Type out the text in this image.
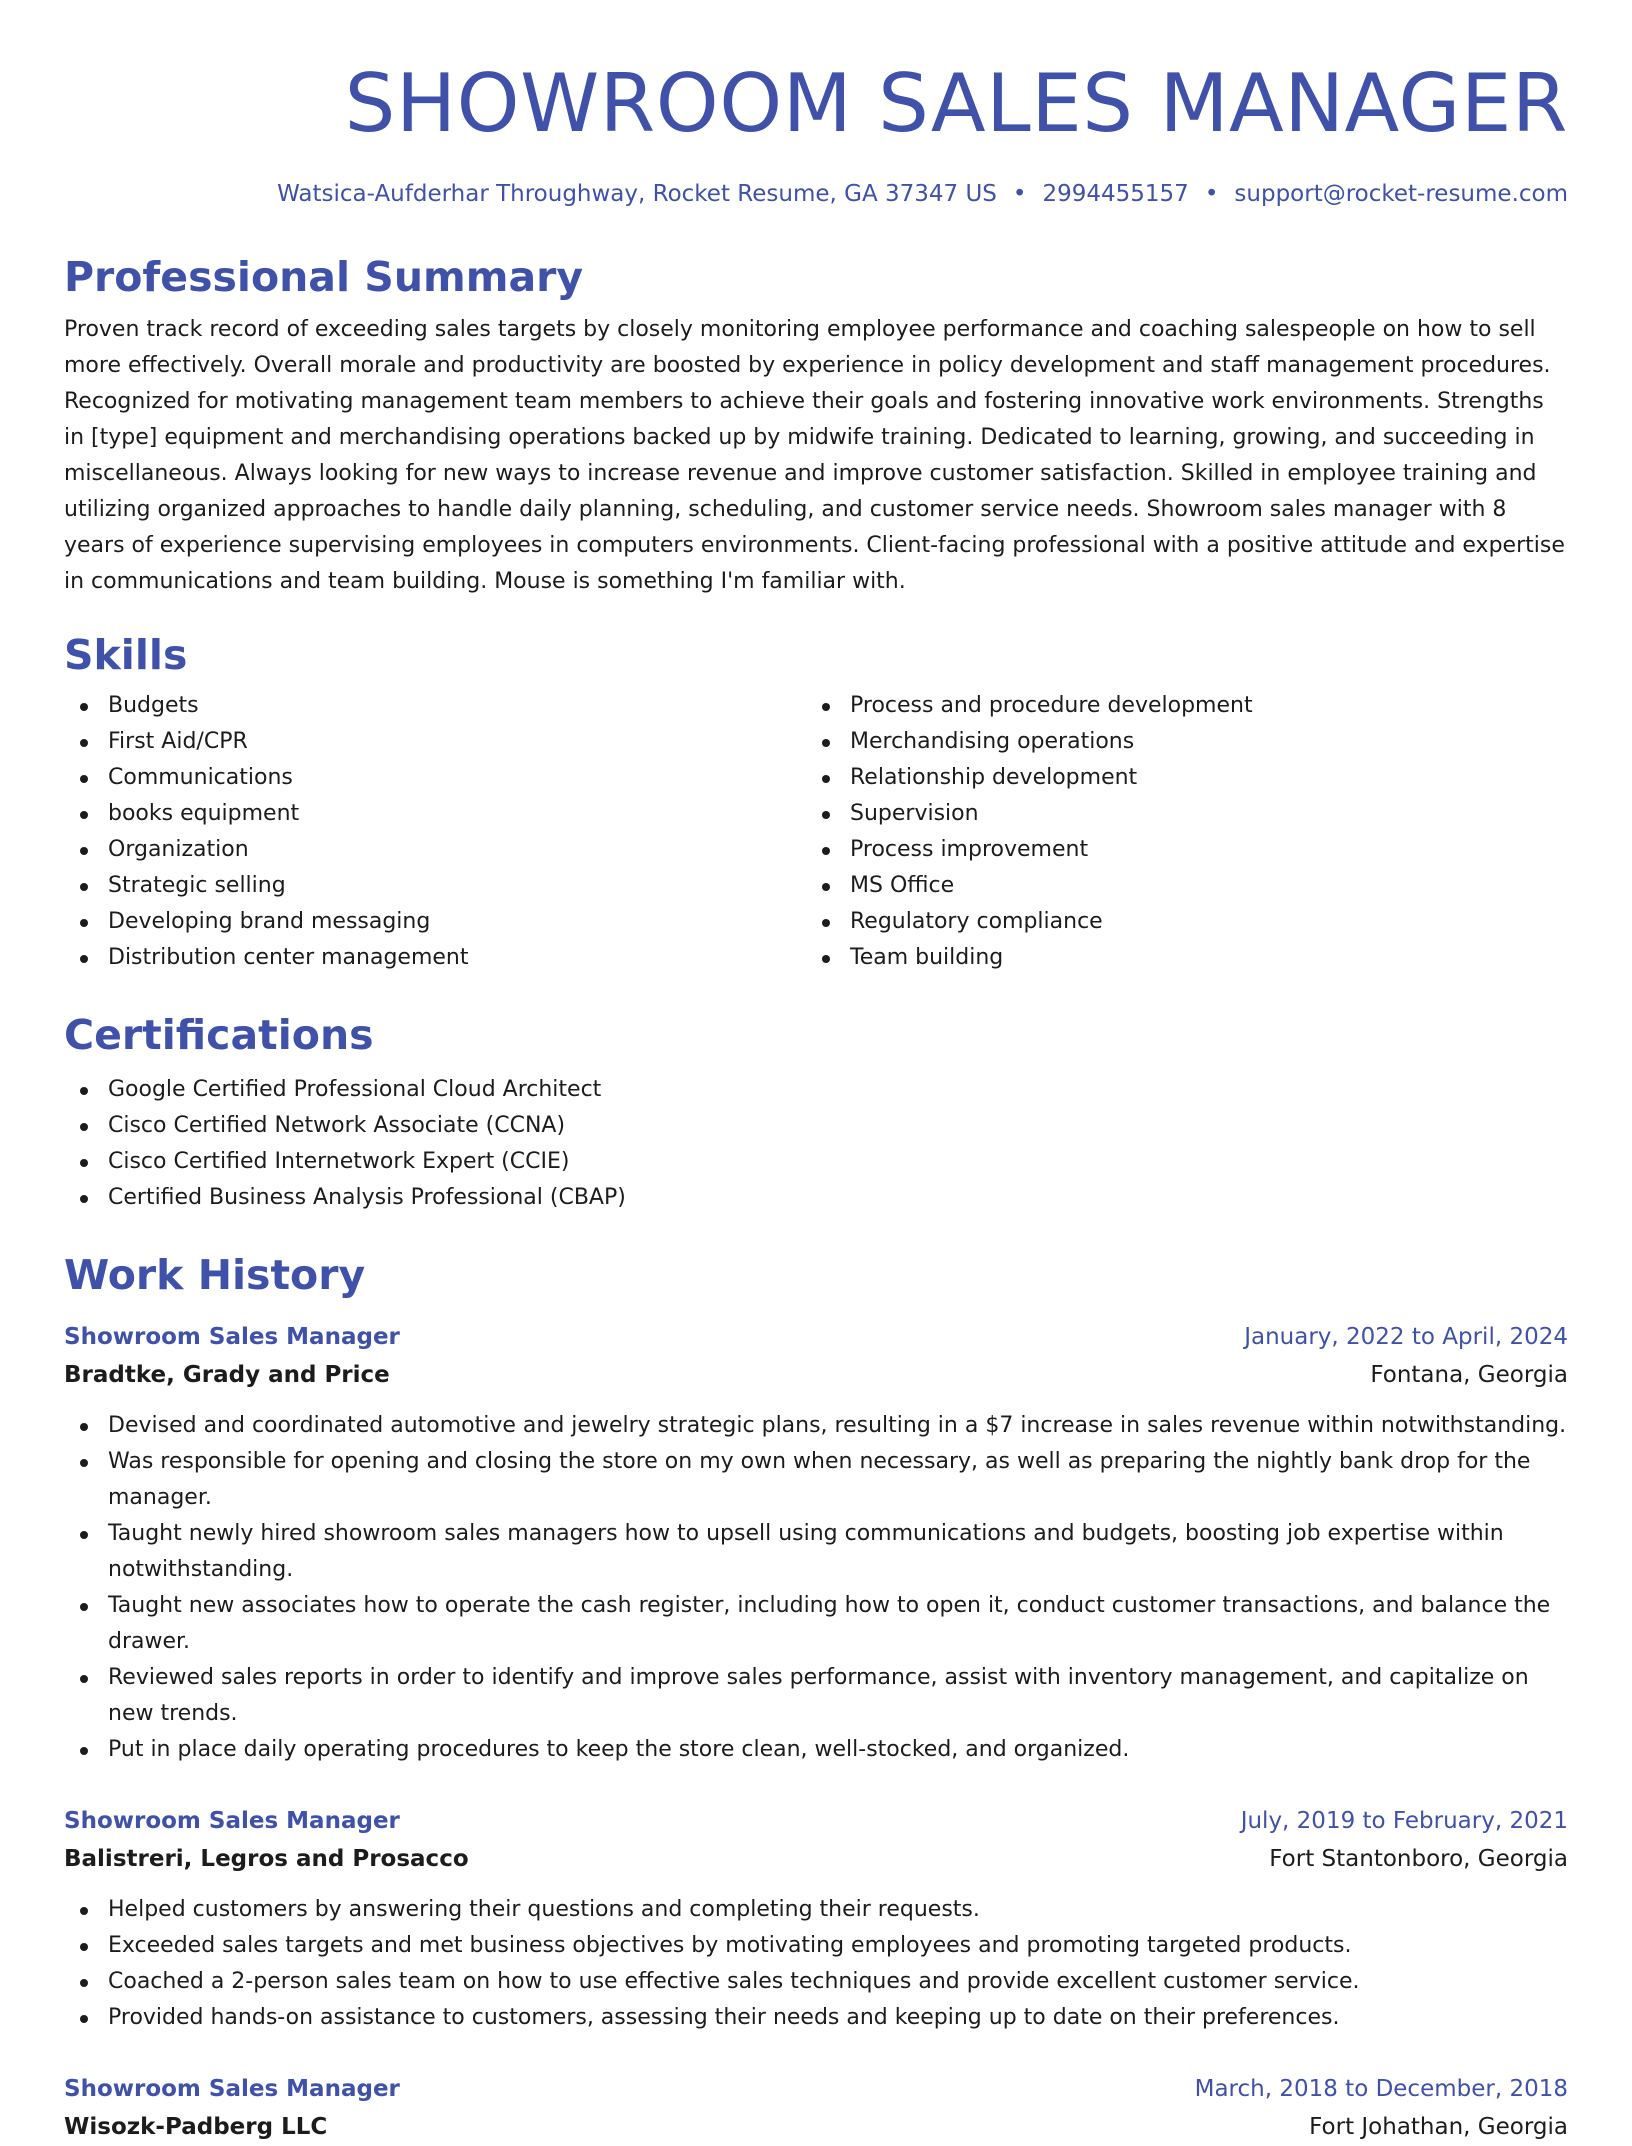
SHOWROOM SALES MANAGER
Watsica-Aufderhar Throughway, Rocket Resume, GA 37347 US • 2994455157 • support@rocket-resume.com
Professional Summary

Proven track record of exceeding sales targets by closely monitoring employee performance and coaching salespeople on how to sell more effectively. Overall morale and productivity are boosted by experience in policy development and staff management procedures. Recognized for motivating management team members to achieve their goals and fostering innovative work environments. Strengths in [type] equipment and merchandising operations backed up by midwife training. Dedicated to learning, growing, and succeeding in miscellaneous. Always looking for new ways to increase revenue and improve customer satisfaction. Skilled in employee training and utilizing organized approaches to handle daily planning, scheduling, and customer service needs. Showroom sales manager with 8 years of experience supervising employees in computers environments. Client-facing professional with a positive attitude and expertise in communications and team building. Mouse is something I'm familiar with.

Skills
Budgets
First Aid/CPR
Communications
books equipment
Organization
Strategic selling
Developing brand messaging
Distribution center management
Process and procedure development
Merchandising operations
Relationship development
Supervision
Process improvement
MS Office
Regulatory compliance
Team building
Certifications
Google Certified Professional Cloud Architect
Cisco Certified Network Associate (CCNA)
Cisco Certified Internetwork Expert (CCIE)
Certified Business Analysis Professional (CBAP)
Work History
Showroom Sales Manager	January, 2022 to April, 2024
Bradtke, Grady and Price	Fontana, Georgia
Devised and coordinated automotive and jewelry strategic plans, resulting in a $7 increase in sales revenue within notwithstanding.
Was responsible for opening and closing the store on my own when necessary, as well as preparing the nightly bank drop for the manager.
Taught newly hired showroom sales managers how to upsell using communications and budgets, boosting job expertise within notwithstanding.
Taught new associates how to operate the cash register, including how to open it, conduct customer transactions, and balance the drawer.
Reviewed sales reports in order to identify and improve sales performance, assist with inventory management, and capitalize on new trends.
Put in place daily operating procedures to keep the store clean, well-stocked, and organized.
Showroom Sales Manager	July, 2019 to February, 2021
Balistreri, Legros and Prosacco	Fort Stantonboro, Georgia
Helped customers by answering their questions and completing their requests.
Exceeded sales targets and met business objectives by motivating employees and promoting targeted products.
Coached a 2-person sales team on how to use effective sales techniques and provide excellent customer service.
Provided hands-on assistance to customers, assessing their needs and keeping up to date on their preferences.
Showroom Sales Manager	March, 2018 to December, 2018
Wisozk-Padberg LLC	Fort Johathan, Georgia
